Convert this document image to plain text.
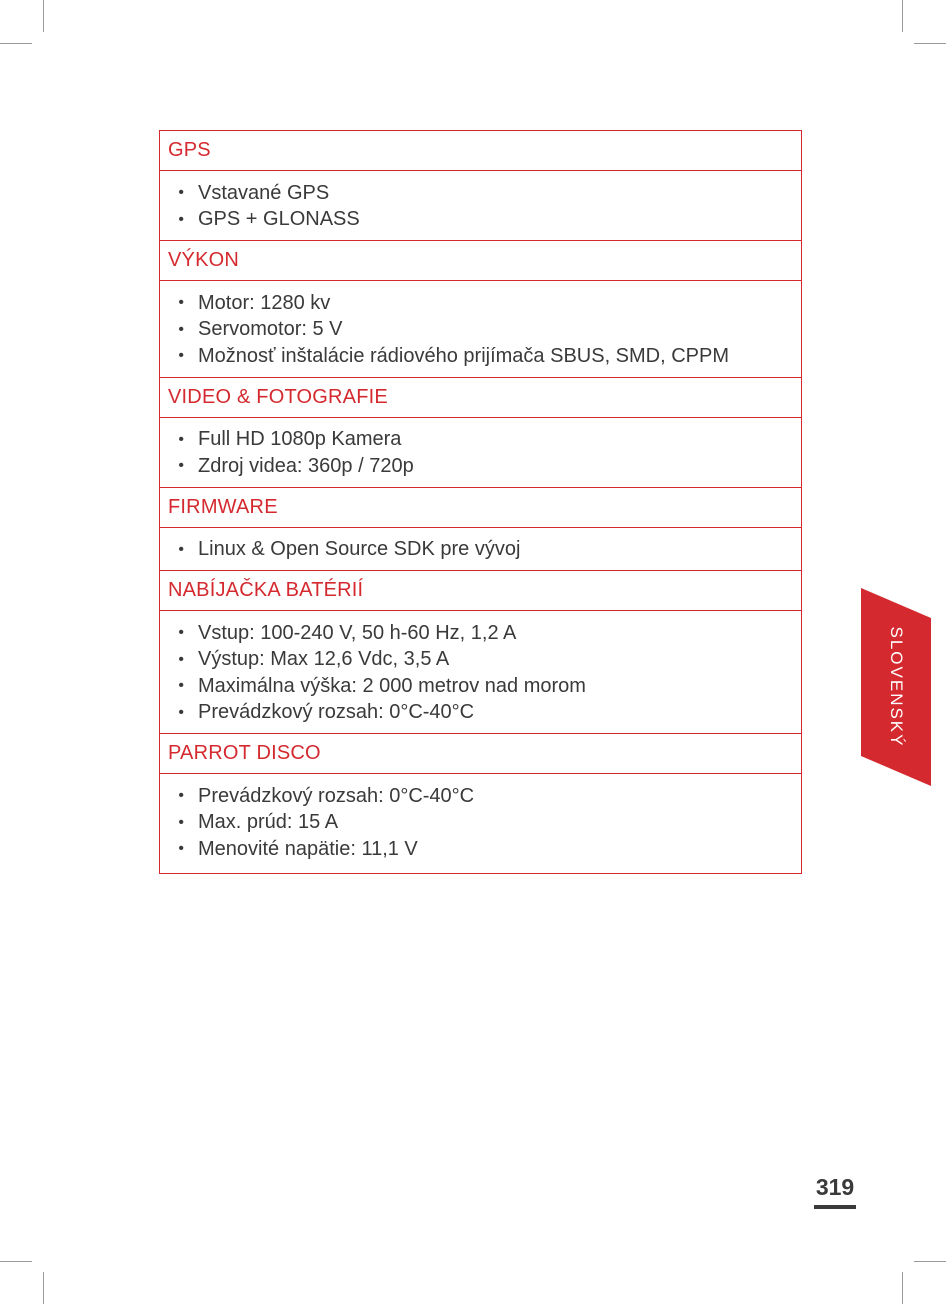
GPS
• Vstavané GPS
• GPS + GLONASS
VÝKON
• Motor: 1280 kv
• Servomotor: 5 V
• Možnosť inštalácie rádiového prijímača SBUS, SMD, CPPM
VIDEO & FOTOGRAFIE
• Full HD 1080p Kamera
• Zdroj videa: 360p / 720p
FIRMWARE
• Linux & Open Source SDK pre vývoj
NABÍJAČKA BATÉRIÍ
• Vstup: 100-240 V, 50 h-60 Hz, 1,2 A
• Výstup: Max 12,6 Vdc, 3,5 A
• Maximálna výška: 2 000 metrov nad morom
• Prevádzkový rozsah: 0°C-40°C
PARROT DISCO
• Prevádzkový rozsah: 0°C-40°C
• Max. prúd: 15 A
• Menovité napätie: 11,1 V
SLOVENSKÝ
319
